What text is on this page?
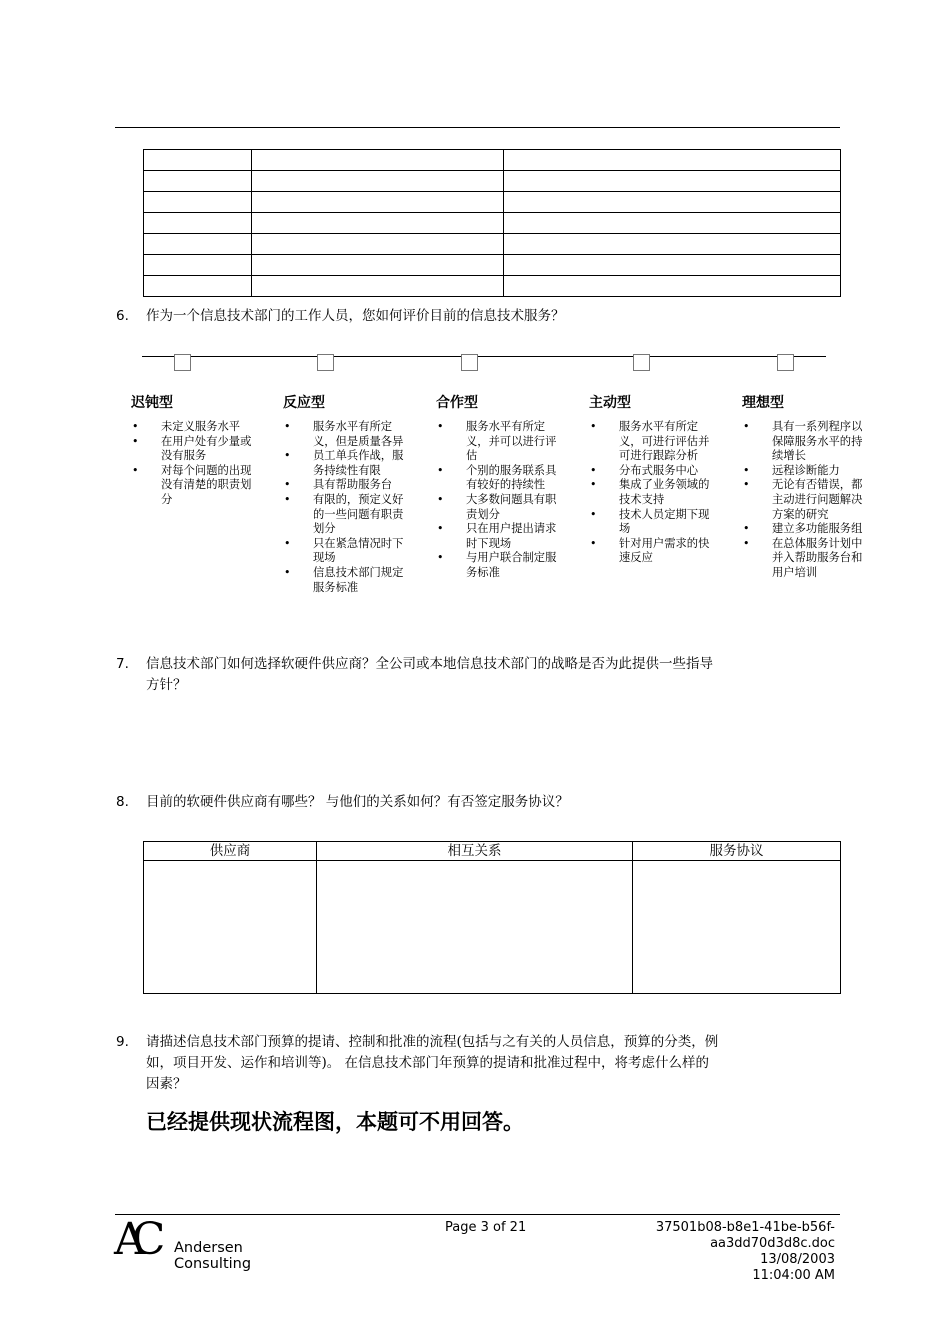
6. 作为一个信息技术部门的工作人员，您如何评价目前的信息技术服务？
迟钝型
• 未定义服务水平
• 在用户处有少量或没有服务
• 对每个问题的出现没有清楚的职责划分
反应型
• 服务水平有所定义，但是质量各异
• 员工单兵作战，服务持续性有限
• 具有帮助服务台
• 有限的，预定义好的一些问题有职责划分
• 只在紧急情况时下现场
• 信息技术部门规定服务标准
合作型
• 服务水平有所定义，并可以进行评估
• 个别的服务联系具有较好的持续性
• 大多数问题具有职责划分
• 只在用户提出请求时下现场
• 与用户联合制定服务标准
主动型
• 服务水平有所定义，可进行评估并可进行跟踪分析
• 分布式服务中心
• 集成了业务领域的技术支持
• 技术人员定期下现场
• 针对用户需求的快速反应
理想型
• 具有一系列程序以保障服务水平的持续增长
• 远程诊断能力
• 无论有否错误，都主动进行问题解决方案的研究
• 建立多功能服务组
• 在总体服务计划中并入帮助服务台和用户培训
7. 信息技术部门如何选择软硬件供应商？全公司或本地信息技术部门的战略是否为此提供一些指导
方针？
8. 目前的软硬件供应商有哪些？ 与他们的关系如何？有否签定服务协议？
供应商	相互关系	服务协议

9. 请描述信息技术部门预算的提请、控制和批准的流程(包括与之有关的人员信息，预算的分类，例
如，项目开发、运作和培训等)。 在信息技术部门年预算的提请和批准过程中，将考虑什么样的
因素？
已经提供现状流程图，本题可不用回答。
AC Andersen
Consulting
Page 3 of 21	37501b08-b8e1-41be-b56f-
aa3dd70d3d8c.doc
13/08/2003
11:04:00 AM
